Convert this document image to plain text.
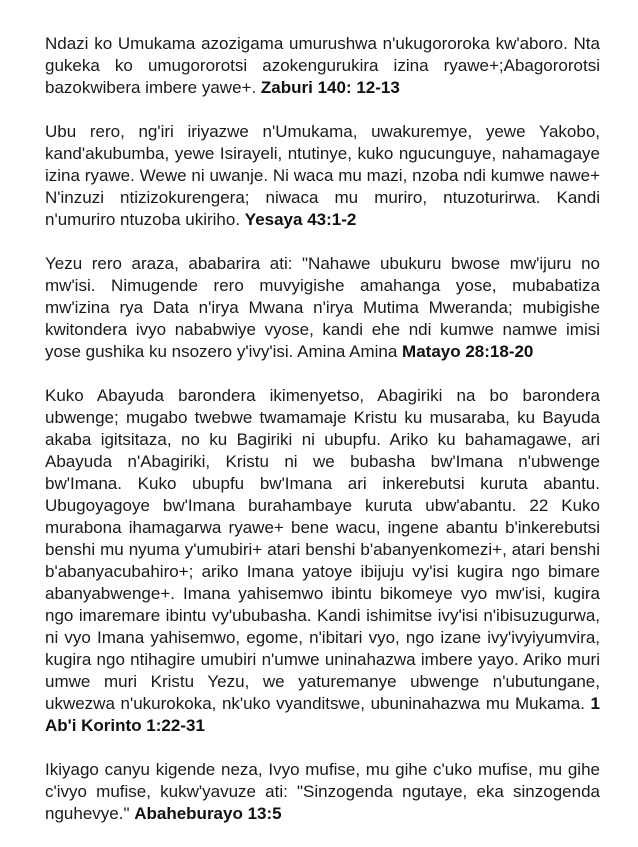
Ndazi ko Umukama azozigama umurushwa n'ukugororoka kw'aboro. Nta gukeka ko umugororotsi azokengurukira izina ryawe+;Abagororotsi bazokwibera imbere yawe+. Zaburi 140: 12-13

Ubu rero, ng'iri iriyazwe n'Umukama, uwakuremye, yewe Yakobo, kand'akubumba, yewe Isirayeli, ntutinye, kuko ngucunguye, nahamagaye izina ryawe. Wewe ni uwanje. Ni waca mu mazi, nzoba ndi kumwe nawe+ N'inzuzi ntizizokurengera; niwaca mu muriro, ntuzoturirwa. Kandi n'umuriro ntuzoba ukiriho. Yesaya 43:1-2

Yezu rero araza, ababarira ati: "Nahawe ubukuru bwose mw'ijuru no mw'isi. Nimugende rero muvyigishe amahanga yose, mubabatiza mw'izina rya Data n'irya Mwana n'irya Mutima Mweranda; mubigishe kwitondera ivyo nababwiye vyose, kandi ehe ndi kumwe namwe imisi yose gushika ku nsozero y'ivy'isi. Amina Amina Matayo 28:18-20

Kuko Abayuda barondera ikimenyetso, Abagiriki na bo barondera ubwenge; mugabo twebwe twamamaje Kristu ku musaraba, ku Bayuda akaba igitsitaza, no ku Bagiriki ni ubupfu. Ariko ku bahamagawe, ari Abayuda n'Abagiriki, Kristu ni we bubasha bw'Imana n'ubwenge bw'Imana. Kuko ubupfu bw'Imana ari inkerebutsi kuruta abantu. Ubugoyagoye bw'Imana burahambaye kuruta ubw'abantu. 22 Kuko murabona ihamagarwa ryawe+ bene wacu, ingene abantu b'inkerebutsi benshi mu nyuma y'umubiri+ atari benshi b'abanyenkomezi+, atari benshi b'abanyacubahiro+; ariko Imana yatoye ibijuju vy'isi kugira ngo bimare abanyabwenge+. Imana yahisemwo ibintu bikomeye vyo mw'isi, kugira ngo imaremare ibintu vy'ububasha. Kandi ishimitse ivy'isi n'ibisuzugurwa, ni vyo Imana yahisemwo, egome, n'ibitari vyo, ngo izane ivy'ivyiyumvira, kugira ngo ntihagire umubiri n'umwe uninahazwa imbere yayo. Ariko muri umwe muri Kristu Yezu, we yaturemanye ubwenge n'ubutungane, ukwezwa n'ukurokoka, nk'uko vyanditswe, ubuninahazwa mu Mukama. 1 Ab'i Korinto 1:22-31

Ikiyago canyu kigende neza, Ivyo mufise, mu gihe c'uko mufise, mu gihe c'ivyo mufise, kukw'yavuze ati: "Sinzogenda ngutaye, eka sinzogenda nguhevye." Abaheburayo 13:5
